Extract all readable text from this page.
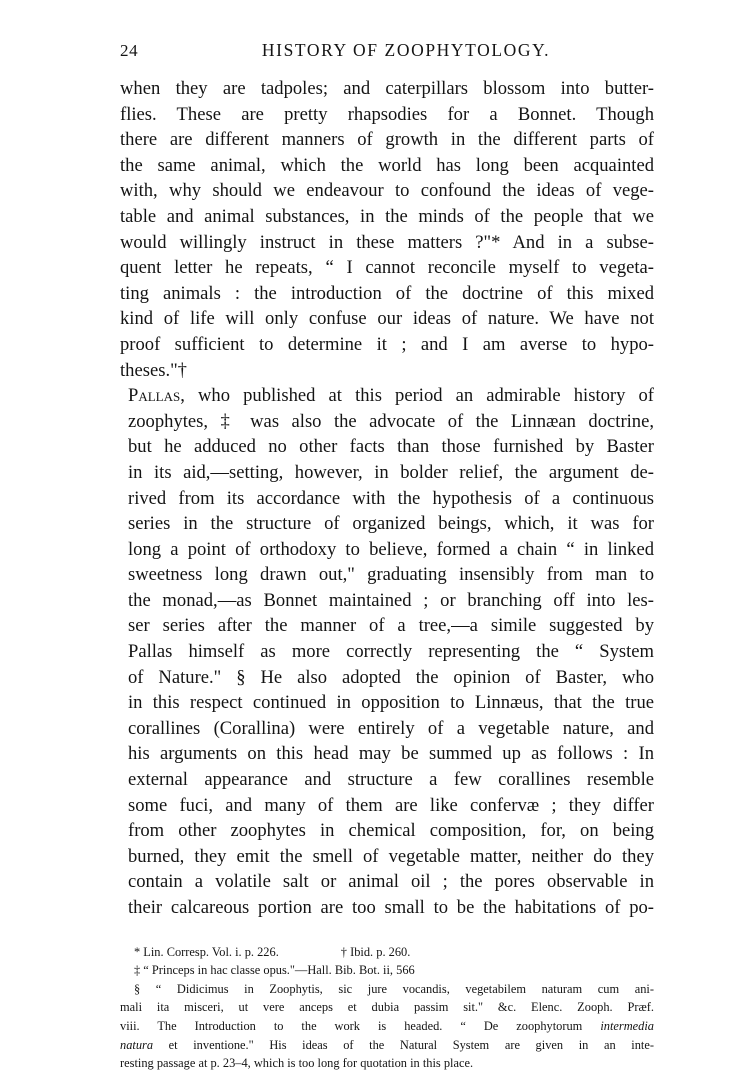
24	HISTORY OF ZOOPHYTOLOGY.

when they are tadpoles; and caterpillars blossom into butter-
flies. These are pretty rhapsodies for a Bonnet. Though
there are different manners of growth in the different parts of
the same animal, which the world has long been acquainted
with, why should we endeavour to confound the ideas of vege-
table and animal substances, in the minds of the people that we
would willingly instruct in these matters ?"* And in a subse-
quent letter he repeats, “ I cannot reconcile myself to vegeta-
ting animals : the introduction of the doctrine of this mixed
kind of life will only confuse our ideas of nature. We have not
proof sufficient to determine it ; and I am averse to hypo-
theses."†

Pallas, who published at this period an admirable history of
zoophytes, ‡ was also the advocate of the Linnæan doctrine,
but he adduced no other facts than those furnished by Baster
in its aid,—setting, however, in bolder relief, the argument de-
rived from its accordance with the hypothesis of a continuous
series in the structure of organized beings, which, it was for
long a point of orthodoxy to believe, formed a chain “ in linked
sweetness long drawn out," graduating insensibly from man to
the monad,—as Bonnet maintained ; or branching off into les-
ser series after the manner of a tree,—a simile suggested by
Pallas himself as more correctly representing the “ System
of Nature." § He also adopted the opinion of Baster, who
in this respect continued in opposition to Linnæus, that the true
corallines (Corallina) were entirely of a vegetable nature, and
his arguments on this head may be summed up as follows : In
external appearance and structure a few corallines resemble
some fuci, and many of them are like confervæ ; they differ
from other zoophytes in chemical composition, for, on being
burned, they emit the smell of vegetable matter, neither do they
contain a volatile salt or animal oil ; the pores observable in
their calcareous portion are too small to be the habitations of po-

* Lin. Corresp. Vol. i. p. 226.	† Ibid. p. 260.
‡ “ Princeps in hac classe opus."—Hall. Bib. Bot. ii, 566
§ “ Didicimus in Zoophytis, sic jure vocandis, vegetabilem naturam cum ani-
mali ita misceri, ut vere anceps et dubia passim sit." &c. Elenc. Zooph. Præf.
viii. The Introduction to the work is headed. “ De zoophytorum intermedia
natura et inventione." His ideas of the Natural System are given in an inte-
resting passage at p. 23–4, which is too long for quotation in this place.
